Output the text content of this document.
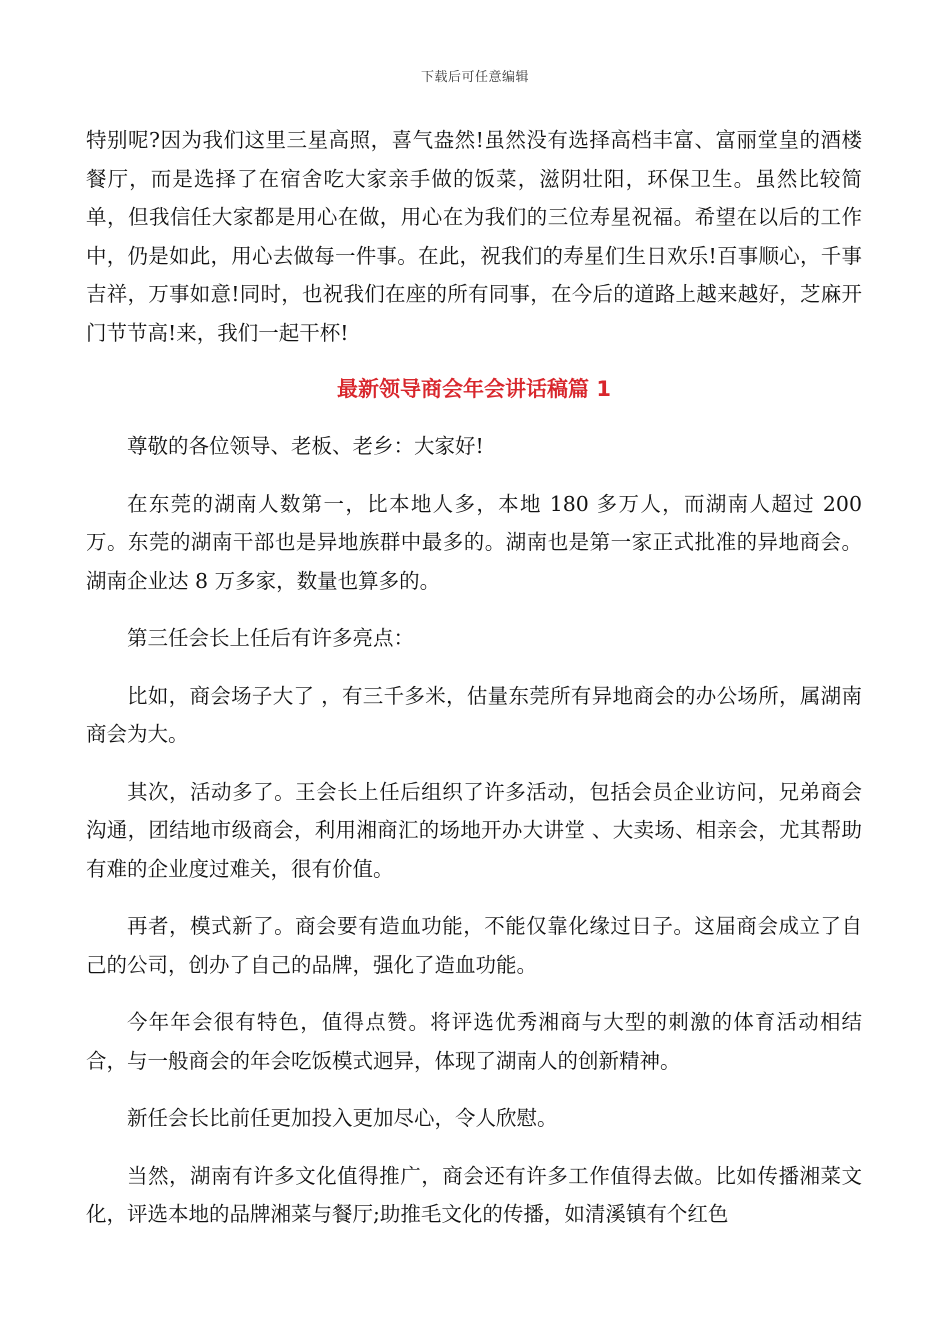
下载后可任意编辑

特别呢?因为我们这里三星高照，喜气盎然!虽然没有选择高档丰富、富丽堂皇的酒楼餐厅，而是选择了在宿舍吃大家亲手做的饭菜，滋阴壮阳，环保卫生。虽然比较简单，但我信任大家都是用心在做，用心在为我们的三位寿星祝福。希望在以后的工作中，仍是如此，用心去做每一件事。在此，祝我们的寿星们生日欢乐!百事顺心，千事吉祥，万事如意!同时，也祝我们在座的所有同事，在今后的道路上越来越好，芝麻开门节节高!来，我们一起干杯!

最新领导商会年会讲话稿篇 1

尊敬的各位领导、老板、老乡：大家好!

在东莞的湖南人数第一，比本地人多，本地 180 多万人，而湖南人超过 200 万。东莞的湖南干部也是异地族群中最多的。湖南也是第一家正式批准的异地商会。湖南企业达 8 万多家，数量也算多的。

第三任会长上任后有许多亮点：

比如，商会场子大了 ，有三千多米，估量东莞所有异地商会的办公场所，属湖南商会为大。

其次，活动多了。王会长上任后组织了许多活动，包括会员企业访问，兄弟商会沟通，团结地市级商会，利用湘商汇的场地开办大讲堂 、大卖场、相亲会，尤其帮助有难的企业度过难关，很有价值。

再者，模式新了。商会要有造血功能，不能仅靠化缘过日子。这届商会成立了自己的公司，创办了自己的品牌，强化了造血功能。

今年年会很有特色，值得点赞。将评选优秀湘商与大型的刺激的体育活动相结合，与一般商会的年会吃饭模式迥异，体现了湖南人的创新精神。

新任会长比前任更加投入更加尽心，令人欣慰。

当然，湖南有许多文化值得推广，商会还有许多工作值得去做。比如传播湘菜文化，评选本地的品牌湘菜与餐厅;助推毛文化的传播，如清溪镇有个红色
